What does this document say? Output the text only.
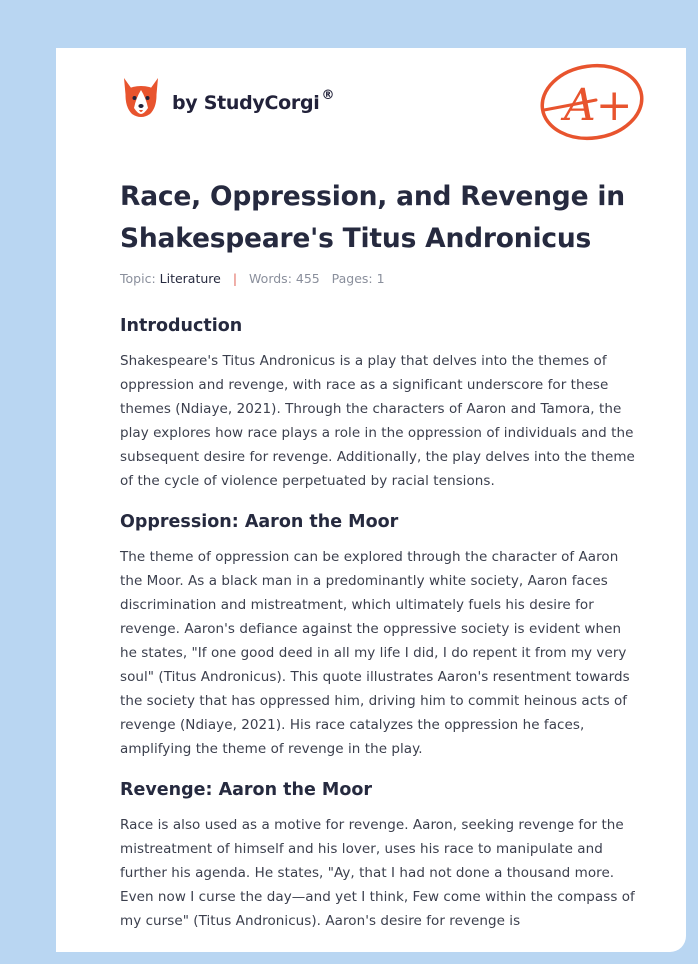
by StudyCorgi ®	A+
Race, Oppression, and Revenge in Shakespeare's Titus Andronicus
Topic: Literature | Words: 455 Pages: 1
Introduction

Shakespeare's Titus Andronicus is a play that delves into the themes of oppression and revenge, with race as a significant underscore for these themes (Ndiaye, 2021). Through the characters of Aaron and Tamora, the play explores how race plays a role in the oppression of individuals and the subsequent desire for revenge. Additionally, the play delves into the theme of the cycle of violence perpetuated by racial tensions.

Oppression: Aaron the Moor

The theme of oppression can be explored through the character of Aaron the Moor. As a black man in a predominantly white society, Aaron faces discrimination and mistreatment, which ultimately fuels his desire for revenge. Aaron's defiance against the oppressive society is evident when he states, "If one good deed in all my life I did, I do repent it from my very soul" (Titus Andronicus). This quote illustrates Aaron's resentment towards the society that has oppressed him, driving him to commit heinous acts of revenge (Ndiaye, 2021). His race catalyzes the oppression he faces, amplifying the theme of revenge in the play.

Revenge: Aaron the Moor

Race is also used as a motive for revenge. Aaron, seeking revenge for the mistreatment of himself and his lover, uses his race to manipulate and further his agenda. He states, "Ay, that I had not done a thousand more. Even now I curse the day—and yet I think, Few come within the compass of my curse" (Titus Andronicus). Aaron's desire for revenge is
